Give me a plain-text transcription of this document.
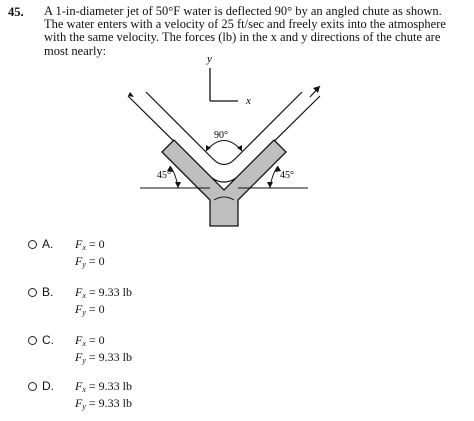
45. A 1-in-diameter jet of 50°F water is deflected 90° by an angled chute as shown. The water enters with a velocity of 25 ft/sec and freely exits into the atmosphere with the same velocity. The forces (lb) in the x and y directions of the chute are most nearly:
y
x
90°
45°	45°
A. $F_x = 0$
$F_y = 0$
B. $F_x = 9.33$ lb
$F_y = 0$
C. $F_x = 0$
$F_y = 9.33$ lb
D. $F_x = 9.33$ lb
$F_y = 9.33$ lb
